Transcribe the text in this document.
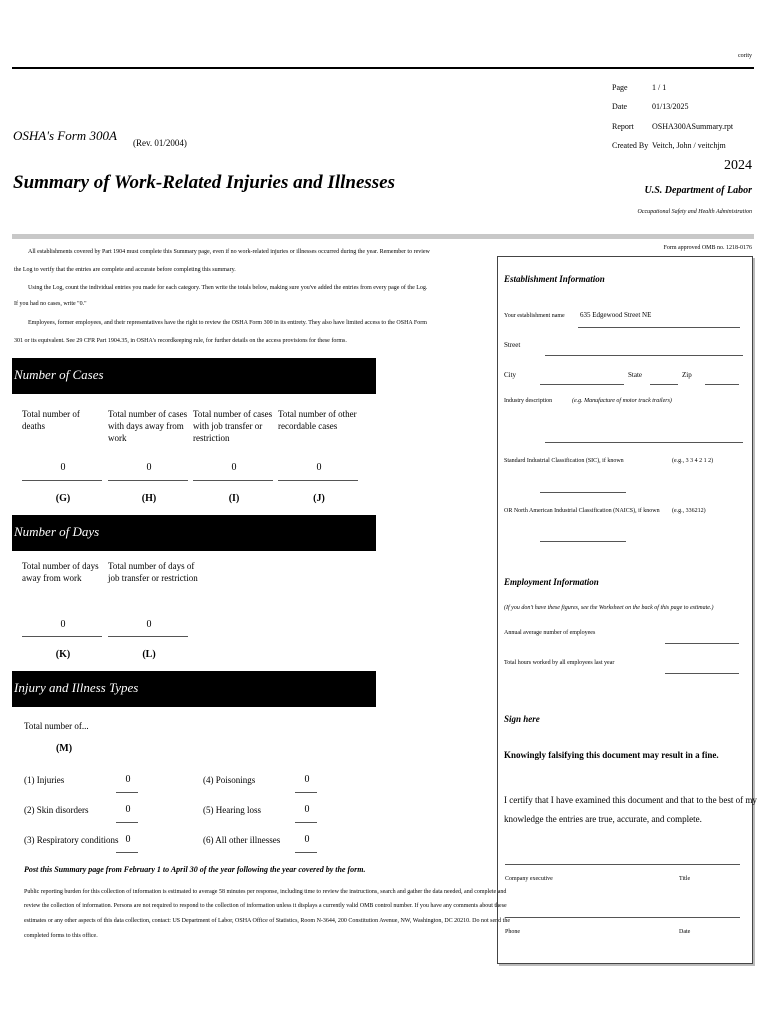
cority
Page	1 / 1
Date	01/13/2025
Report OSHA300ASummary.rpt
Created By Veitch, John / veitchjm
OSHA's Form 300A (Rev. 01/2004)
Summary of Work-Related Injuries and Illnesses
2024
U.S. Department of Labor
Occupational Safety and Health Administration
Form approved OMB no. 1218-0176
All establishments covered by Part 1904 must complete this Summary page, even if no work-related injuries or illnesses occurred during the year. Remember to review
the Log to verify that the entries are complete and accurate before completing this summary.
Using the Log, count the individual entries you made for each category. Then write the totals below, making sure you've added the entries from every page of the Log.
If you had no cases, write "0."
Employees, former employees, and their representatives have the right to review the OSHA Form 300 in its entirety. They also have limited access to the OSHA Form
301 or its equivalent. See 29 CFR Part 1904.35, in OSHA's recordkeeping rule, for further details on the access provisions for these forms.
Number of Cases
Total number of deaths
Total number of cases with days away from work
Total number of cases with job transfer or restriction
Total number of other recordable cases
0	0	0	0
(G)	(H)	(I)	(J)
Number of Days
Total number of days away from work
Total number of days of job transfer or restriction
0	0
(K)	(L)
Injury and Illness Types
Total number of...
(M)
(1) Injuries	0
(2) Skin disorders	0
(3) Respiratory conditions 0
(4) Poisonings	0
(5) Hearing loss	0
(6) All other illnesses	0
Post this Summary page from February 1 to April 30 of the year following the year covered by the form.
Public reporting burden for this collection of information is estimated to average 58 minutes per response, including time to review the instructions, search and gather the data needed, and complete and
review the collection of information. Persons are not required to respond to the collection of information unless it displays a currently valid OMB control number. If you have any comments about these
estimates or any other aspects of this data collection, contact: US Department of Labor, OSHA Office of Statistics, Room N-3644, 200 Constitution Avenue, NW, Washington, DC 20210. Do not send the
completed forms to this office.
Establishment Information
Your establishment name 635 Edgewood Street NE
Street
City	State	Zip
Industry description	(e.g. Manufacture of motor truck trailers)
Standard Industrial Classification (SIC), if known	(e.g., 3 3 4 2 1 2)
OR North American Industrial Classification (NAICS), if known (e.g., 336212)
Employment Information
(If you don't have these figures, see the Worksheet on the back of this page to estimate.)
Annual average number of employees
Total hours worked by all employees last year
Sign here
Knowingly falsifying this document may result in a fine.
I certify that I have examined this document and that to the best of my
knowledge the entries are true, accurate, and complete.
Company executive	Title
Phone	Date
